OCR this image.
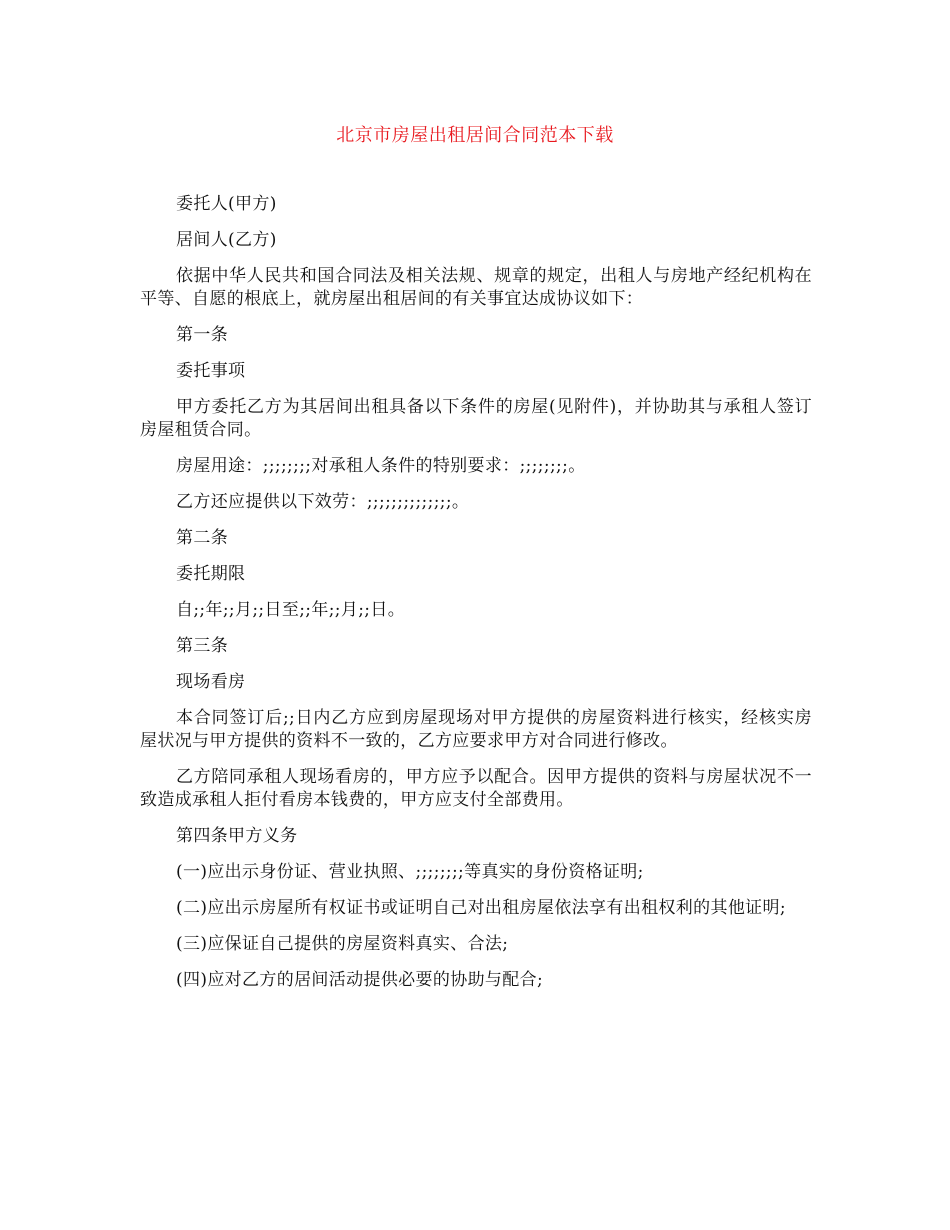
北京市房屋出租居间合同范本下载

委托人(甲方)

居间人(乙方)

依据中华人民共和国合同法及相关法规、规章的规定，出租人与房地产经纪机构在平等、自愿的根底上，就房屋出租居间的有关事宜达成协议如下：

第一条

委托事项

甲方委托乙方为其居间出租具备以下条件的房屋(见附件)，并协助其与承租人签订房屋租赁合同。

房屋用途：;;;;;;;;对承租人条件的特别要求：;;;;;;;;。

乙方还应提供以下效劳：;;;;;;;;;;;;;;。

第二条

委托期限

自;;年;;月;;日至;;年;;月;;日。

第三条

现场看房

本合同签订后;;日内乙方应到房屋现场对甲方提供的房屋资料进行核实，经核实房屋状况与甲方提供的资料不一致的，乙方应要求甲方对合同进行修改。

乙方陪同承租人现场看房的，甲方应予以配合。因甲方提供的资料与房屋状况不一致造成承租人拒付看房本钱费的，甲方应支付全部费用。

第四条甲方义务

(一)应出示身份证、营业执照、;;;;;;;;等真实的身份资格证明;

(二)应出示房屋所有权证书或证明自己对出租房屋依法享有出租权利的其他证明;

(三)应保证自己提供的房屋资料真实、合法;

(四)应对乙方的居间活动提供必要的协助与配合;
